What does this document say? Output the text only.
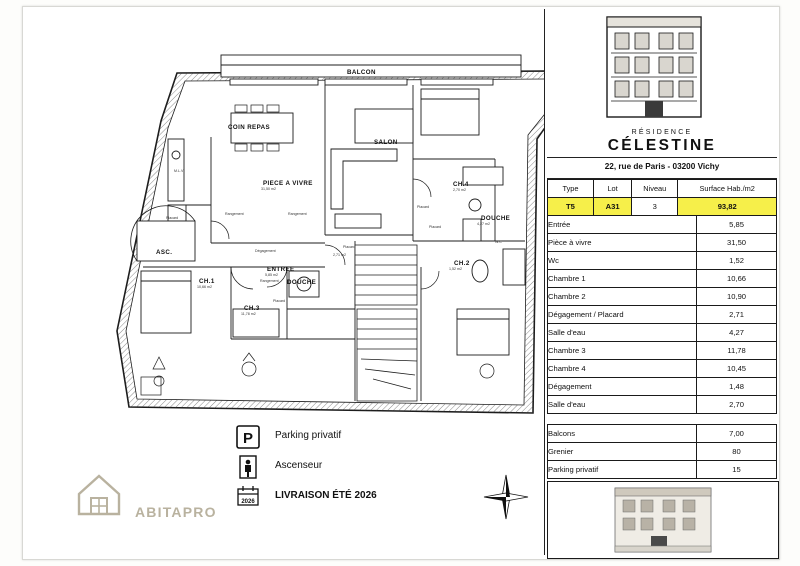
BALCON
COIN REPAS
SALON
PIECE A VIVRE
ASC.
ENTREE
DOUCHE
DOUCHE
CH.1
CH.3
CH.4
CH.2
M.L.V
4,27 m2
2,70 m2
1,52 m2
5,85 m2
10,66 m2
11,78 m2
31,50 m2
Placard
Rangement	Rangement
Placard
Placard
Placard
Dégagement
Rangement
Placard
W.C
2,71 m2
P Parking privatif
Ascenseur
2026
LIVRAISON ÉTÉ 2026
ABITAPRO
RÉSIDENCE
CÉLESTINE
22, rue de Paris - 03200 Vichy
Type	Lot	Niveau	Surface Hab./m2
T5	A31	3	93,82
Entrée	5,85
Pièce à vivre	31,50
Wc	1,52
Chambre 1	10,66
Chambre 2	10,90
Dégagement / Placard	2,71
Salle d'eau	4,27
Chambre 3	11,78
Chambre 4	10,45
Dégagement	1,48
Salle d'eau	2,70
Balcons	7,00
Grenier	80
Parking privatif	15
